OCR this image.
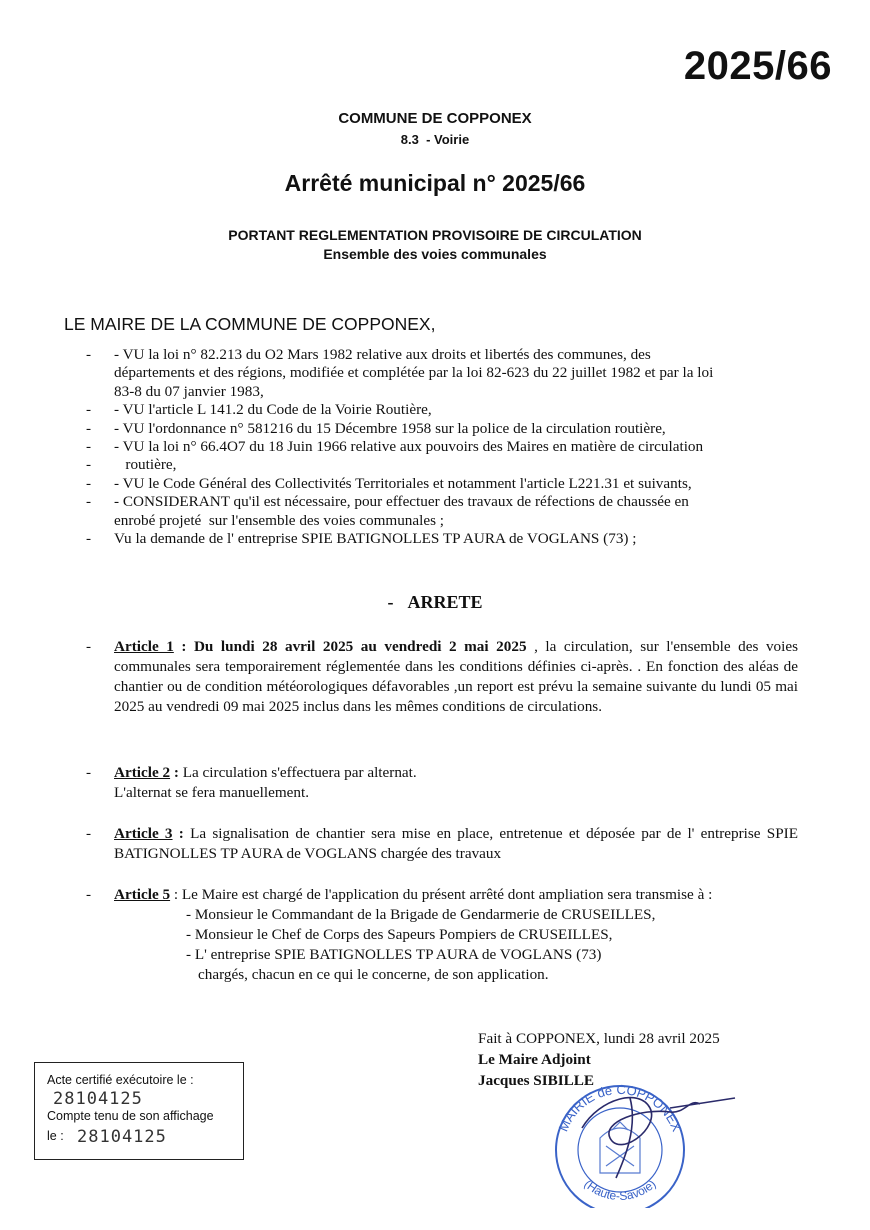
2025/66
COMMUNE DE COPPONEX
8.3  - Voirie
Arrêté municipal n° 2025/66
PORTANT REGLEMENTATION PROVISOIRE DE CIRCULATION
Ensemble des voies communales
LE MAIRE DE LA COMMUNE DE COPPONEX,
-	- VU la loi n° 82.213 du O2 Mars 1982 relative aux droits et libertés des communes, des
départements et des régions, modifiée et complétée par la loi 82-623 du 22 juillet 1982 et par la loi
83-8 du 07 janvier 1983,
-	- VU l'article L 141.2 du Code de la Voirie Routière,
-	- VU l'ordonnance n° 581216 du 15 Décembre 1958 sur la police de la circulation routière,
-	- VU la loi n° 66.4O7 du 18 Juin 1966 relative aux pouvoirs des Maires en matière de circulation
-	routière,
-	- VU le Code Général des Collectivités Territoriales et notamment l'article L221.31 et suivants,
-	- CONSIDERANT qu'il est nécessaire, pour effectuer des travaux de réfections de chaussée en
enrobé projeté  sur l'ensemble des voies communales ;
-	Vu la demande de l' entreprise SPIE BATIGNOLLES TP AURA de VOGLANS (73) ;
- ARRETE
-	Article 1 : Du lundi 28 avril 2025 au vendredi 2 mai 2025 , la circulation, sur l'ensemble des voies communales sera temporairement réglementée dans les conditions définies ci-après. . En fonction des aléas de chantier ou de condition météorologiques défavorables ,un report est prévu la semaine suivante du lundi 05 mai 2025 au vendredi 09 mai 2025 inclus dans les mêmes conditions de circulations.
-	Article 2 : La circulation s'effectuera par alternat.
L'alternat se fera manuellement.
-	Article 3 : La signalisation de chantier sera mise en place, entretenue et déposée par de l' entreprise SPIE BATIGNOLLES TP AURA de VOGLANS chargée des travaux
-	Article 5 : Le Maire est chargé de l'application du présent arrêté dont ampliation sera transmise à :
- Monsieur le Commandant de la Brigade de Gendarmerie de CRUSEILLES,
- Monsieur le Chef de Corps des Sapeurs Pompiers de CRUSEILLES,
- L' entreprise SPIE BATIGNOLLES TP AURA de VOGLANS (73)
chargés, chacun en ce qui le concerne, de son application.
Fait à COPPONEX, lundi 28 avril 2025
Le Maire Adjoint
Jacques SIBILLE
MAIRIE de COPPONEX
(Haute-Savoie)
Acte certifié exécutoire le :
28104125
Compte tenu de son affichage
le : 28104125
